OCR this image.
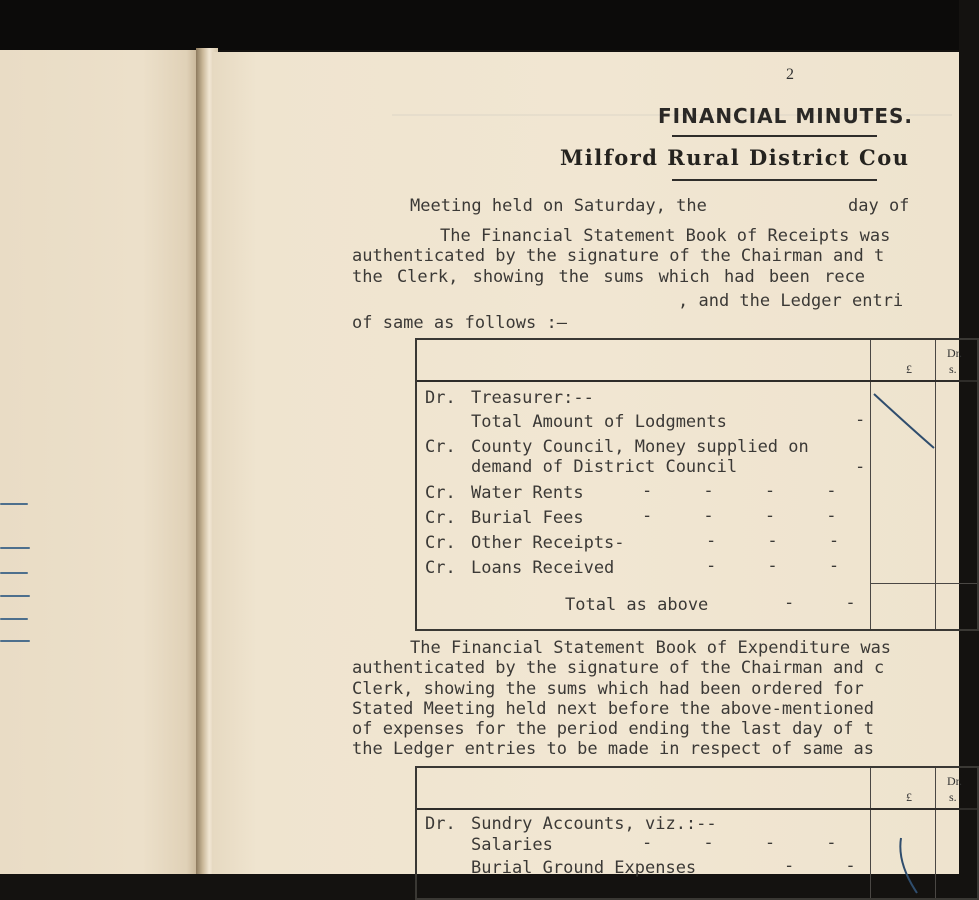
2
FINANCIAL MINUTES.
Milford Rural District Cou
Meeting held on Saturday, the	day of
The Financial Statement Book of Receipts was
authenticated by the signature of the Chairman and t
the Clerk, showing the sums which had been rece
, and the Ledger entri
of same as follows :—
Dr.
£	s.
Dr. Treasurer:--
Total Amount of Lodgments	-
Cr. County Council, Money supplied on
demand of District Council	-
Cr. Water Rents	-     -     -     -
Cr. Burial Fees	-     -     -     -
Cr. Other Receipts-	-     -     -
Cr. Loans Received	-     -     -
Total as above	-     -
The Financial Statement Book of Expenditure was
authenticated by the signature of the Chairman and c
Clerk, showing the sums which had been ordered for
Stated Meeting held next before the above-mentioned
of expenses for the period ending the last day of t
the Ledger entries to be made in respect of same as
Dr.
£	s.
Dr. Sundry Accounts, viz.:--
Salaries	-     -     -     -
Burial Ground Expenses	-     -
